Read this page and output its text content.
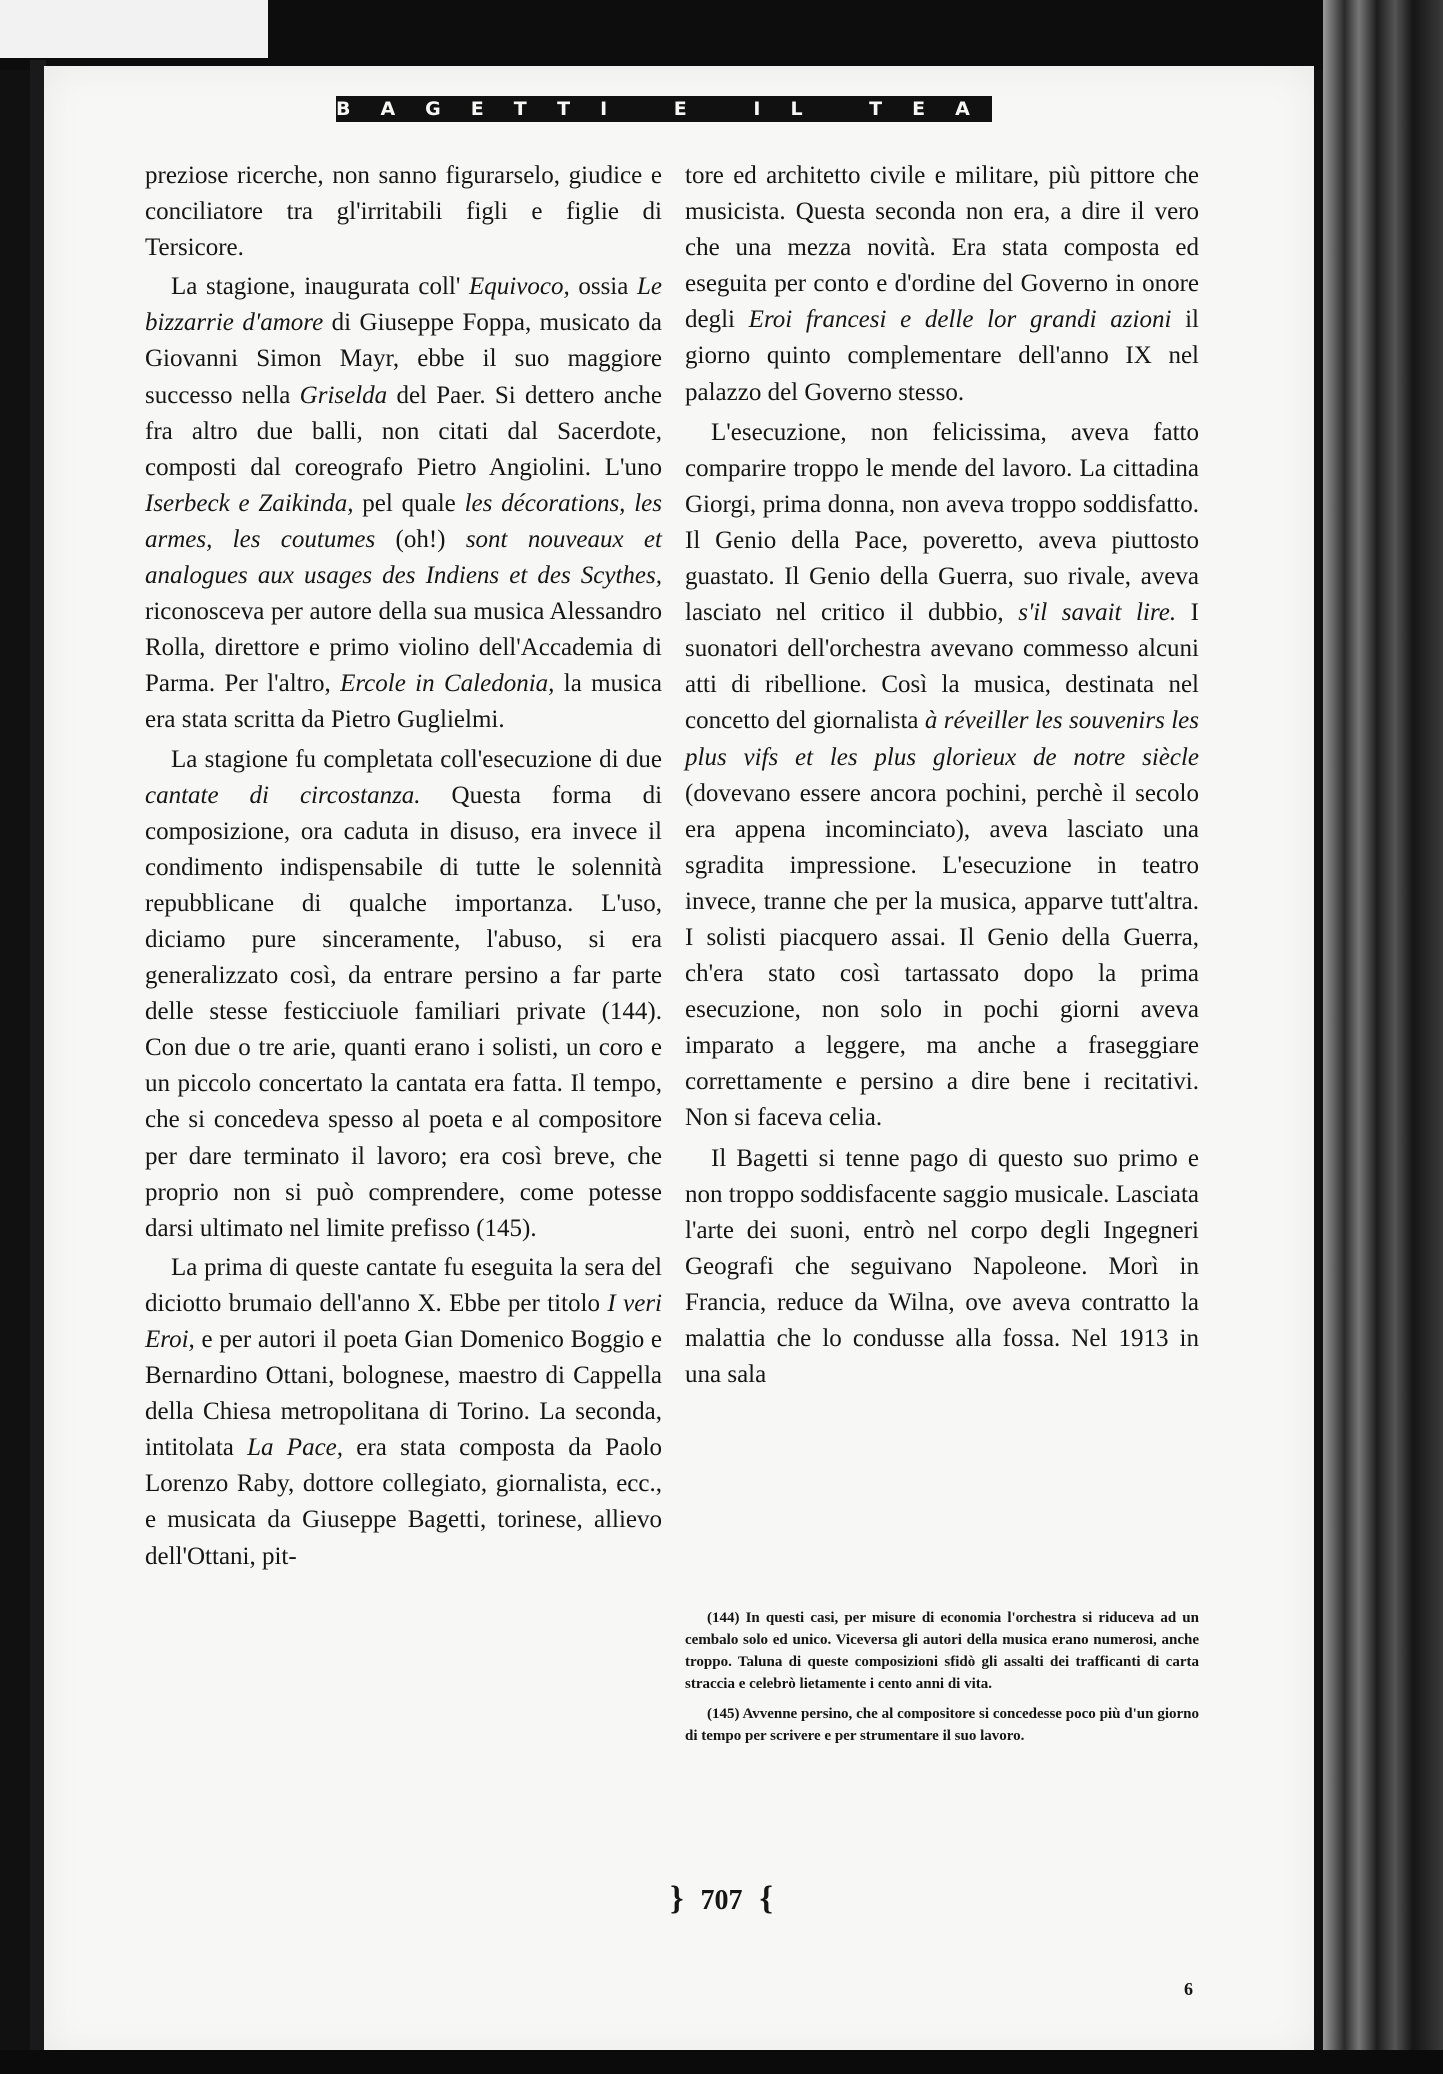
BAGETTI E IL TEATRO

preziose ricerche, non sanno figurarselo, giudice e conciliatore tra gl'irritabili figli e figlie di Tersicore.

La stagione, inaugurata coll' Equivoco, ossia Le bizzarrie d'amore di Giuseppe Foppa, musicato da Giovanni Simon Mayr, ebbe il suo maggiore successo nella Griselda del Paer. Si dettero anche fra altro due balli, non citati dal Sacerdote, composti dal coreografo Pietro Angiolini. L'uno Iserbeck e Zaikinda, pel quale les décorations, les armes, les coutumes (oh!) sont nouveaux et analogues aux usages des Indiens et des Scythes, riconosceva per autore della sua musica Alessandro Rolla, direttore e primo violino dell'Accademia di Parma. Per l'altro, Ercole in Caledonia, la musica era stata scritta da Pietro Guglielmi.

La stagione fu completata coll'esecuzione di due cantate di circostanza. Questa forma di composizione, ora caduta in disuso, era invece il condimento indispensabile di tutte le solennità repubblicane di qualche importanza. L'uso, diciamo pure sinceramente, l'abuso, si era generalizzato così, da entrare persino a far parte delle stesse festicciuole familiari private (144). Con due o tre arie, quanti erano i solisti, un coro e un piccolo concertato la cantata era fatta. Il tempo, che si concedeva spesso al poeta e al compositore per dare terminato il lavoro; era così breve, che proprio non si può comprendere, come potesse darsi ultimato nel limite prefisso (145).

La prima di queste cantate fu eseguita la sera del diciotto brumaio dell'anno X. Ebbe per titolo I veri Eroi, e per autori il poeta Gian Domenico Boggio e Bernardino Ottani, bolognese, maestro di Cappella della Chiesa metropolitana di Torino. La seconda, intitolata La Pace, era stata composta da Paolo Lorenzo Raby, dottore collegiato, giornalista, ecc., e musicata da Giuseppe Bagetti, torinese, allievo dell'Ottani, pit-

tore ed architetto civile e militare, più pittore che musicista. Questa seconda non era, a dire il vero che una mezza novità. Era stata composta ed eseguita per conto e d'ordine del Governo in onore degli Eroi francesi e delle lor grandi azioni il giorno quinto complementare dell'anno IX nel palazzo del Governo stesso.

L'esecuzione, non felicissima, aveva fatto comparire troppo le mende del lavoro. La cittadina Giorgi, prima donna, non aveva troppo soddisfatto. Il Genio della Pace, poveretto, aveva piuttosto guastato. Il Genio della Guerra, suo rivale, aveva lasciato nel critico il dubbio, s'il savait lire. I suonatori dell'orchestra avevano commesso alcuni atti di ribellione. Così la musica, destinata nel concetto del giornalista à réveiller les souvenirs les plus vifs et les plus glorieux de notre siècle (dovevano essere ancora pochini, perchè il secolo era appena incominciato), aveva lasciato una sgradita impressione. L'esecuzione in teatro invece, tranne che per la musica, apparve tutt'altra. I solisti piacquero assai. Il Genio della Guerra, ch'era stato così tartassato dopo la prima esecuzione, non solo in pochi giorni aveva imparato a leggere, ma anche a fraseggiare correttamente e persino a dire bene i recitativi. Non si faceva celia.

Il Bagetti si tenne pago di questo suo primo e non troppo soddisfacente saggio musicale. Lasciata l'arte dei suoni, entrò nel corpo degli Ingegneri Geografi che seguivano Napoleone. Morì in Francia, reduce da Wilna, ove aveva contratto la malattia che lo condusse alla fossa. Nel 1913 in una sala

(144) In questi casi, per misure di economia l'orchestra si riduceva ad un cembalo solo ed unico. Viceversa gli autori della musica erano numerosi, anche troppo. Taluna di queste composizioni sfidò gli assalti dei trafficanti di carta straccia e celebrò lietamente i cento anni di vita.

(145) Avvenne persino, che al compositore si concedesse poco più d'un giorno di tempo per scrivere e per strumentare il suo lavoro.

} 707 {
6
